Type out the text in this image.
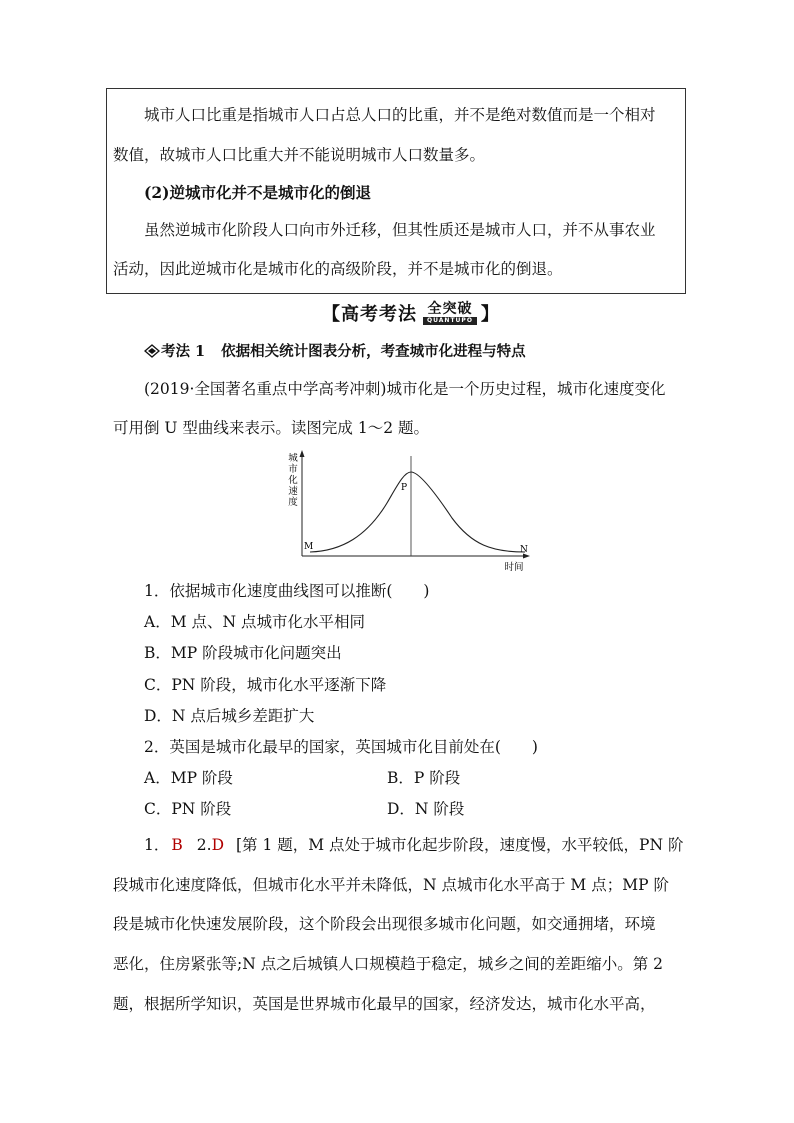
城市人口比重是指城市人口占总人口的比重，并不是绝对数值而是一个相对
数值，故城市人口比重大并不能说明城市人口数量多。
(2)逆城市化并不是城市化的倒退
虽然逆城市化阶段人口向市外迁移，但其性质还是城市人口，并不从事农业
活动，因此逆城市化是城市化的高级阶段，并不是城市化的倒退。
【 高考考法 全突破
QUANTUPO 】
考法 1 依据相关统计图表分析，考查城市化进程与特点
(2019·全国著名重点中学高考冲刺)城市化是一个历史过程，城市化速度变化
可用倒 U 型曲线来表示。读图完成 1～2 题。
城市化速度
时间
M
P
N
1．依据城市化速度曲线图可以推断(　　)
A．M 点、N 点城市化水平相同
B．MP 阶段城市化问题突出
C．PN 阶段，城市化水平逐渐下降
D．N 点后城乡差距扩大
2．英国是城市化最早的国家，英国城市化目前处在(　　)
A．MP 阶段	B．P 阶段
C．PN 阶段	D．N 阶段
1． B 2.D [第 1 题，M 点处于城市化起步阶段，速度慢，水平较低，PN 阶
段城市化速度降低，但城市化水平并未降低，N 点城市化水平高于 M 点；MP 阶
段是城市化快速发展阶段，这个阶段会出现很多城市化问题，如交通拥堵，环境
恶化，住房紧张等;N 点之后城镇人口规模趋于稳定，城乡之间的差距缩小。第 2
题，根据所学知识，英国是世界城市化最早的国家，经济发达，城市化水平高，
